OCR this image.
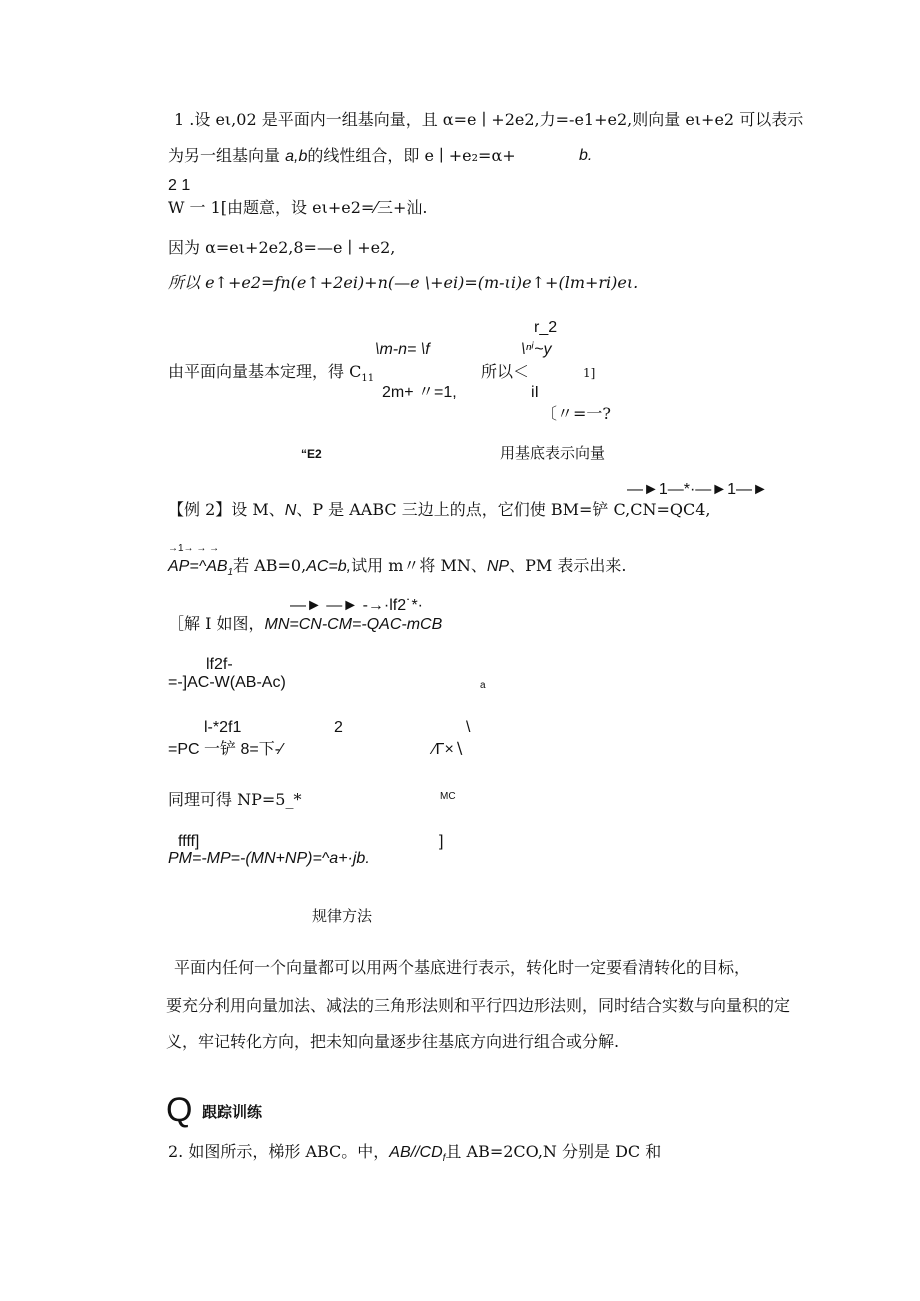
1 .设 eι,02 是平面内一组基向量，且 α=e ∣ +2e2,力=-e1+e2,则向量 eι+e2 可以表示
为另一组基向量 a,b的线性组合，即 e ∣ +e₂=α+	b.
2 1
W 一 1[由题意，设 eι+e2=⁄三+汕.
因为 α=eι+2e2,8=—e ∣ +e2,
所以 e↑+e2=fn(e↑+2ei)+n(—e \+ei)=(m-ιi)e↑+(lm+ri)eι.
r_2
\m-n= \f	\ⁿⁱ~y
由平面向量基本定理，得 $C_{11}$	所以＜	1]
2m+ 〃=1,	iI
〔〃=一?
“E2	用基底表示向量
—►1—*·—►1—►
【例 2】设 M、N、P 是 AABC 三边上的点，它们使 BM=铲 C,CN=QC4,
→1→ → →
$AP=\^{}AB_1$若 AB=0,AC=b,试用 m〃将 MN、NP、PM 表示出来.
—► —► -→·lf2˙*·
［解 I 如图，MN=CN-CM=-QAC-mCB
lf2f-
=-]AC-W(AB-Ac)	a
l-*2f1	2	\
=PC 一铲 8=下-⁄	⁄Γ×∖
同理可得 NP=5_*	MC
ffff]	]
PM=-MP=-(MN+NP)=^a+·jb.
规律方法
平面内任何一个向量都可以用两个基底进行表示，转化时一定要看清转化的目标，
要充分利用向量加法、减法的三角形法则和平行四边形法则，同时结合实数与向量积的定
义，牢记转化方向，把未知向量逐步往基底方向进行组合或分解.
Q 跟踪训练
2. 如图所示，梯形 ABC。中，$AB//CD_f$且 AB=2CO,N 分别是 DC 和
